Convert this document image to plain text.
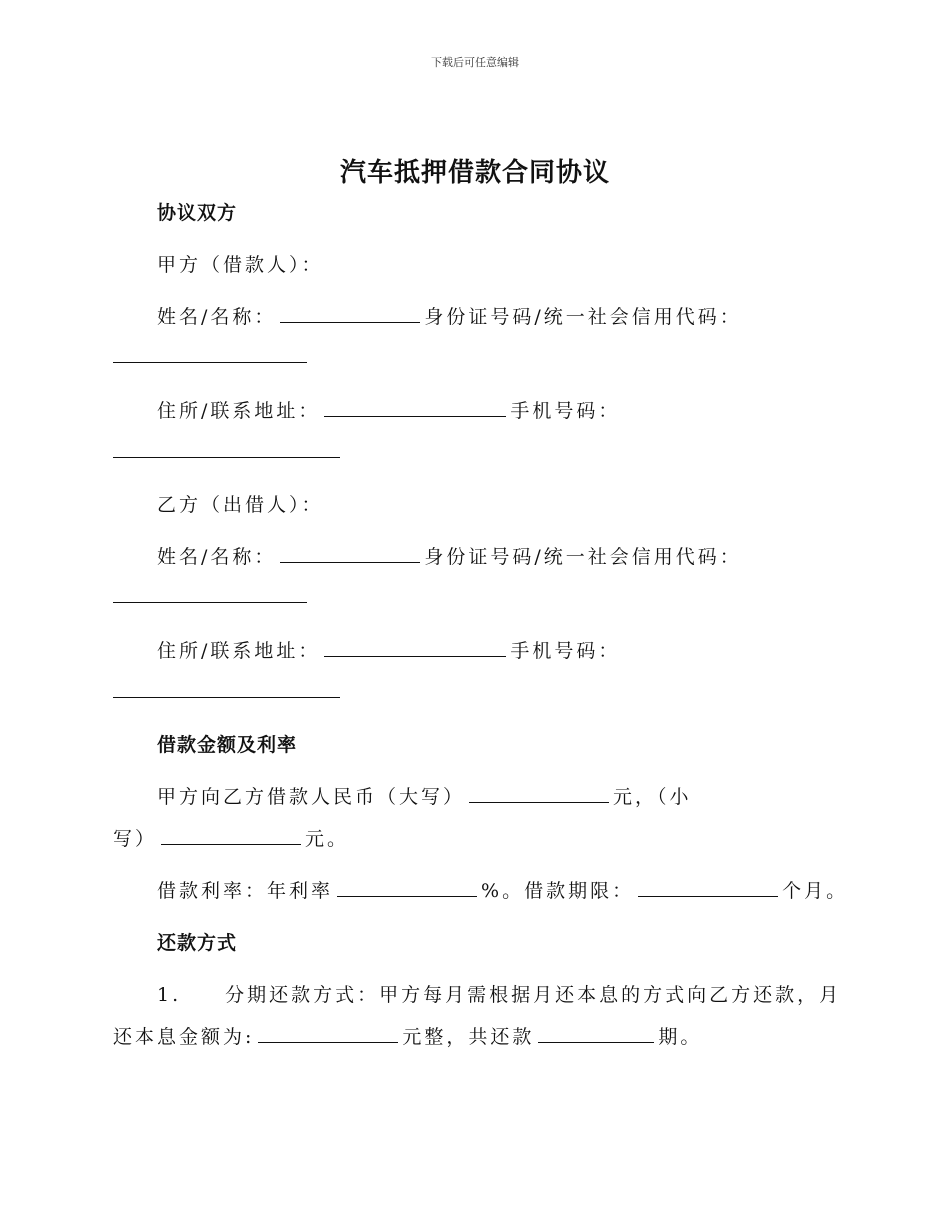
下载后可任意编辑
汽车抵押借款合同协议
协议双方
甲方（借款人）：
姓名/名称：	身份证号码/统一社会信用代码：
住所/联系地址：	手机号码：
乙方（出借人）：
姓名/名称：	身份证号码/统一社会信用代码：
住所/联系地址：	手机号码：
借款金额及利率
甲方向乙方借款人民币（大写）	元，（小
写）	元。
借款利率：年利率	%。借款期限：	个月。
还款方式
1. 分期还款方式：甲方每月需根据月还本息的方式向乙方还款，月
还本息金额为:	元整，共还款	期。
